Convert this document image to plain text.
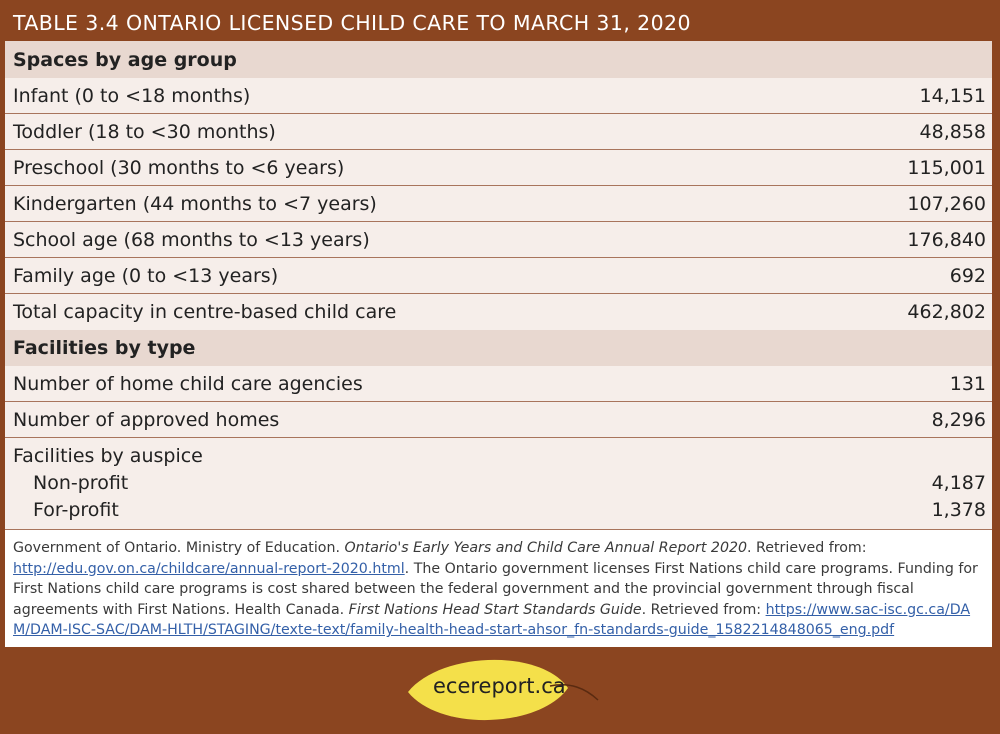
TABLE 3.4 ONTARIO LICENSED CHILD CARE TO MARCH 31, 2020
Spaces by age group
Infant (0 to <18 months)	14,151
Toddler (18 to <30 months)	48,858
Preschool (30 months to <6 years)	115,001
Kindergarten (44 months to <7 years)	107,260
School age (68 months to <13 years)	176,840
Family age (0 to <13 years)	692
Total capacity in centre-based child care	462,802
Facilities by type
Number of home child care agencies	131
Number of approved homes	8,296
Facilities by auspice
Non-profit	4,187
For-profit	1,378
Government of Ontario. Ministry of Education. Ontario's Early Years and Child Care Annual Report 2020. Retrieved from: http://edu.gov.on.ca/childcare/annual-report-2020.html. The Ontario government licenses First Nations child care programs. Funding for First Nations child care programs is cost shared between the federal government and the provincial government through fiscal agreements with First Nations. Health Canada. First Nations Head Start Standards Guide. Retrieved from: https://www.sac-isc.gc.ca/DAM/DAM-ISC-SAC/DAM-HLTH/STAGING/texte-text/family-health-head-start-ahsor_fn-standards-guide_1582214848065_eng.pdf
ecereport.ca
